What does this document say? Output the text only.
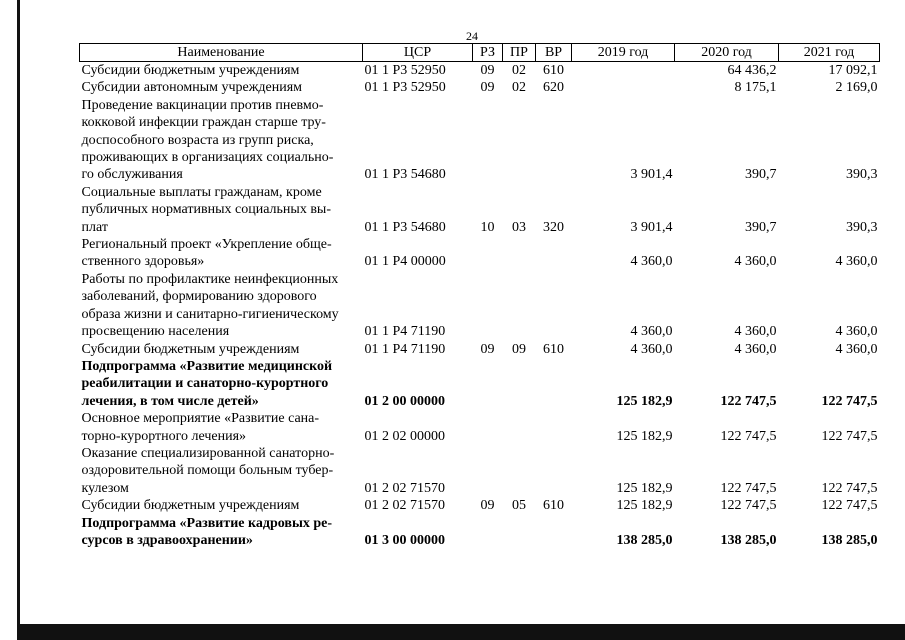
24
Наименование	ЦСР	РЗ	ПР	ВР	2019 год	2020 год	2021 год
Субсидии бюджетным учреждениям	01 1 P3 52950	09	02	610		64 436,2	17 092,1
Субсидии автономным учреждениям	01 1 P3 52950	09	02	620		8 175,1	2 169,0
Проведение вакцинации против пневмо-
кокковой инфекции граждан старше тру-
доспособного возраста из групп риска,
проживающих в организациях социально-
го обслуживания	01 1 P3 54680				3 901,4	390,7	390,3
Социальные выплаты гражданам, кроме
публичных нормативных социальных вы-
плат	01 1 P3 54680	10	03	320	3 901,4	390,7	390,3
Региональный проект «Укрепление обще-
ственного здоровья»	01 1 P4 00000				4 360,0	4 360,0	4 360,0
Работы по профилактике неинфекционных
заболеваний, формированию здорового
образа жизни и санитарно-гигиеническому
просвещению населения	01 1 P4 71190				4 360,0	4 360,0	4 360,0
Субсидии бюджетным учреждениям	01 1 P4 71190	09	09	610	4 360,0	4 360,0	4 360,0
Подпрограмма «Развитие медицинской
реабилитации и санаторно-курортного
лечения, в том числе детей»	01 2 00 00000				125 182,9	122 747,5	122 747,5
Основное мероприятие «Развитие сана-
торно-курортного лечения»	01 2 02 00000				125 182,9	122 747,5	122 747,5
Оказание специализированной санаторно-
оздоровительной помощи больным тубер-
кулезом	01 2 02 71570				125 182,9	122 747,5	122 747,5
Субсидии бюджетным учреждениям	01 2 02 71570	09	05	610	125 182,9	122 747,5	122 747,5
Подпрограмма «Развитие кадровых ре-
сурсов в здравоохранении»	01 3 00 00000				138 285,0	138 285,0	138 285,0
